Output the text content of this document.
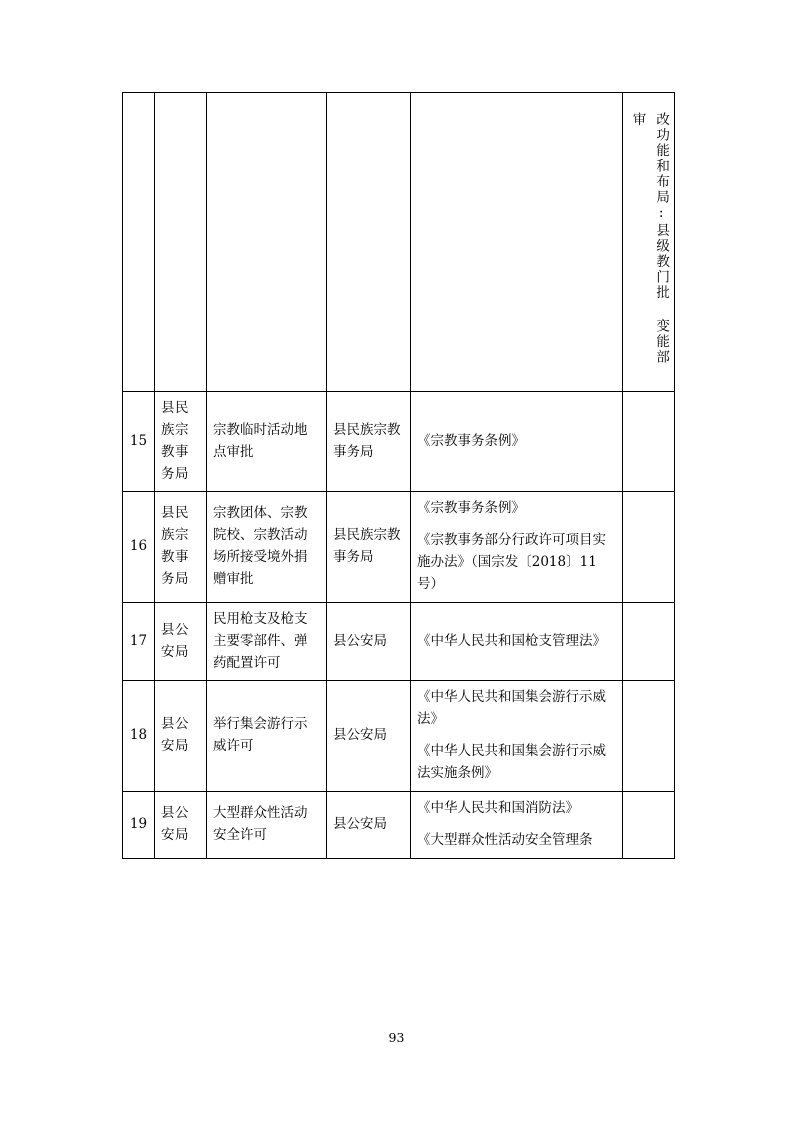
					改功能和布局:县级教门批 变能部审

15	县民族宗教事务局	宗教临时活动地点审批	县民族宗教事务局	《宗教事务条例》	

16	县民族宗教事务局	宗教团体、宗教院校、宗教活动场所接受境外捐赠审批	县民族宗教事务局	《宗教事务条例》
《宗教事务部分行政许可项目实施办法》（国宗发〔2018〕11号）	

17	县公安局	民用枪支及枪支主要零部件、弹药配置许可	县公安局	《中华人民共和国枪支管理法》	

18	县公安局	举行集会游行示威许可	县公安局	《中华人民共和国集会游行示威法》
《中华人民共和国集会游行示威法实施条例》	

19	县公安局	大型群众性活动安全许可	县公安局	《中华人民共和国消防法》
《大型群众性活动安全管理条	

93
